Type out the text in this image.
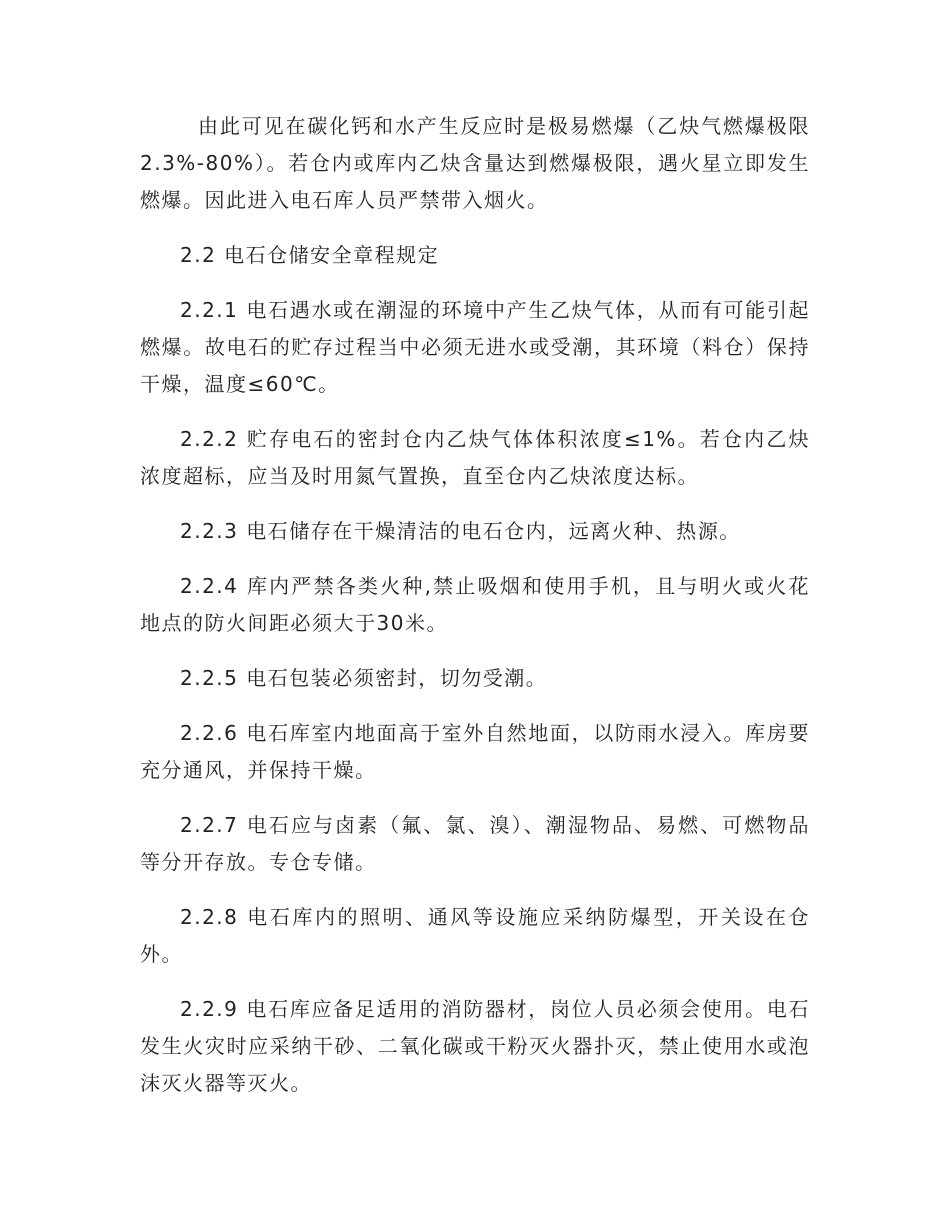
由此可见在碳化钙和水产生反应时是极易燃爆（乙炔气燃爆极限2.3%-80%）。若仓内或库内乙炔含量达到燃爆极限，遇火星立即发生燃爆。因此进入电石库人员严禁带入烟火。

2.2 电石仓储安全章程规定

2.2.1 电石遇水或在潮湿的环境中产生乙炔气体，从而有可能引起燃爆。故电石的贮存过程当中必须无进水或受潮，其环境（料仓）保持干燥，温度≤60℃。

2.2.2 贮存电石的密封仓内乙炔气体体积浓度≤1%。若仓内乙炔浓度超标，应当及时用氮气置换，直至仓内乙炔浓度达标。

2.2.3 电石储存在干燥清洁的电石仓内，远离火种、热源。

2.2.4 库内严禁各类火种,禁止吸烟和使用手机，且与明火或火花地点的防火间距必须大于30米。

2.2.5 电石包装必须密封，切勿受潮。

2.2.6 电石库室内地面高于室外自然地面，以防雨水浸入。库房要充分通风，并保持干燥。

2.2.7 电石应与卤素（氟、氯、溴）、潮湿物品、易燃、可燃物品等分开存放。专仓专储。

2.2.8 电石库内的照明、通风等设施应采纳防爆型，开关设在仓外。

2.2.9 电石库应备足适用的消防器材，岗位人员必须会使用。电石发生火灾时应采纳干砂、二氧化碳或干粉灭火器扑灭，禁止使用水或泡沫灭火器等灭火。
